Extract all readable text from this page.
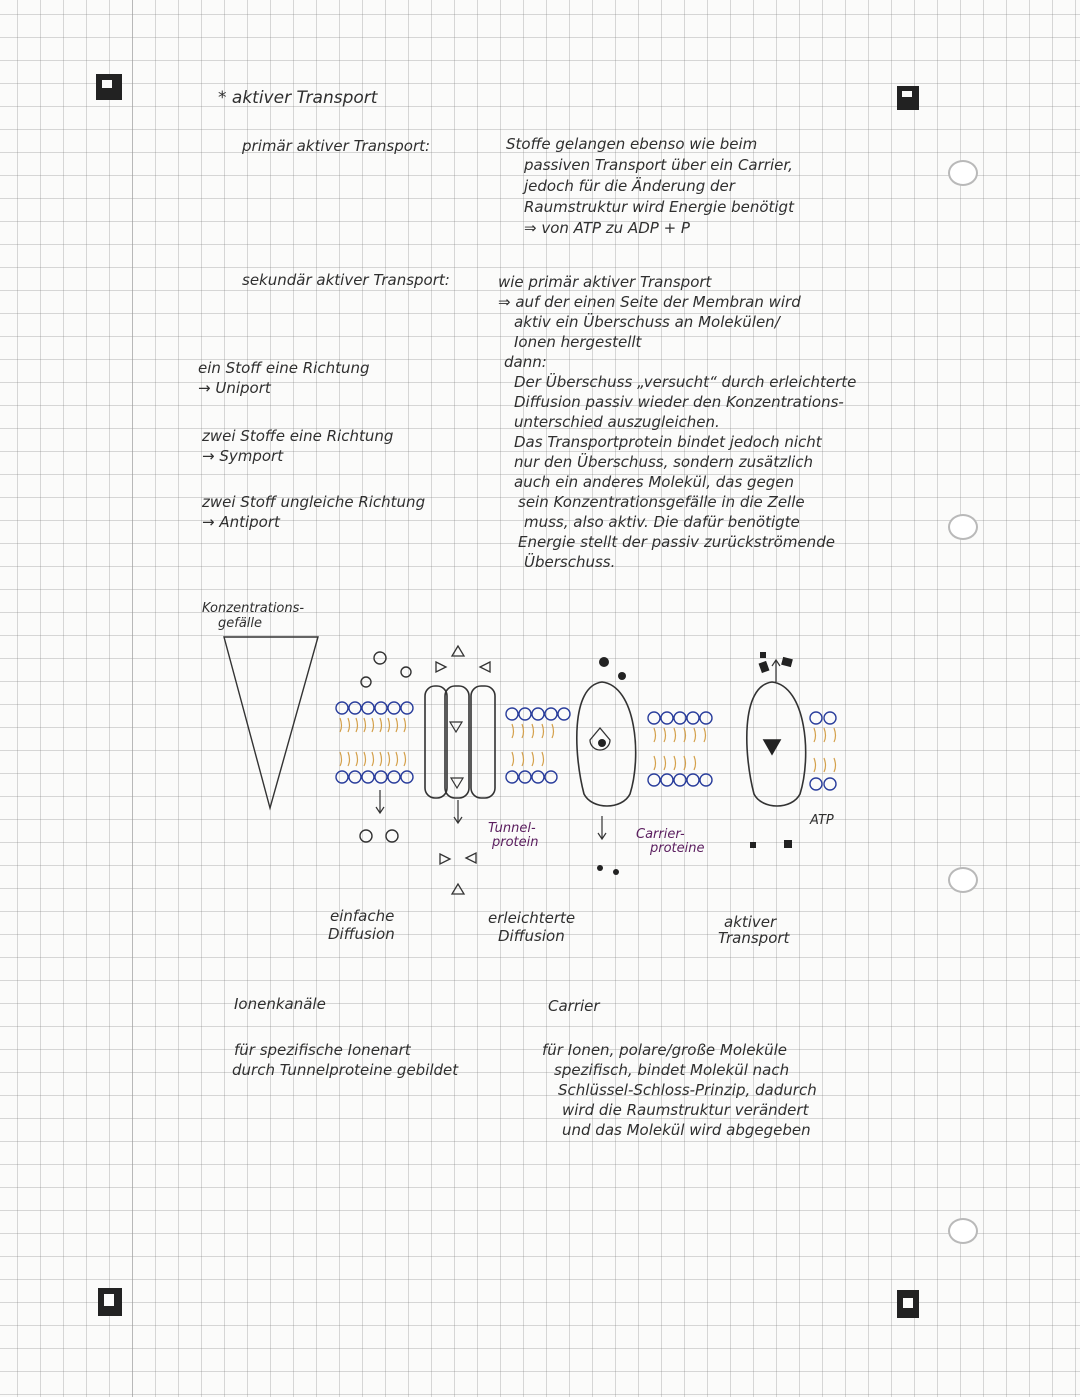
* aktiver Transport
primär aktiver Transport:	Stoffe gelangen ebenso wie beim
passiven Transport über ein Carrier,
jedoch für die Änderung der
Raumstruktur wird Energie benötigt
⇒ von ATP zu ADP + P
sekundär aktiver Transport:	wie primär aktiver Transport
⇒ auf der einen Seite der Membran wird
aktiv ein Überschuss an Molekülen/
Ionen hergestellt
dann:
Der Überschuss „versucht“ durch erleichterte
Diffusion passiv wieder den Konzentrations-
unterschied auszugleichen.
Das Transportprotein bindet jedoch nicht
nur den Überschuss, sondern zusätzlich
auch ein anderes Molekül, das gegen
sein Konzentrationsgefälle in die Zelle
muss, also aktiv. Die dafür benötigte
Energie stellt der passiv zurückströmende
Überschuss.
ein Stoff eine Richtung
→ Uniport
zwei Stoffe eine Richtung
→ Symport
zwei Stoff ungleiche Richtung
→ Antiport
Konzentrations-
gefälle
Tunnel-
protein
Carrier-
proteine
ATP
einfache
Diffusion
erleichterte
Diffusion
aktiver
Transport
Ionenkanäle
für spezifische Ionenart
durch Tunnelproteine gebildet
Carrier
für Ionen, polare/große Moleküle
spezifisch, bindet Molekül nach
Schlüssel-Schloss-Prinzip, dadurch
wird die Raumstruktur verändert
und das Molekül wird abgegeben
